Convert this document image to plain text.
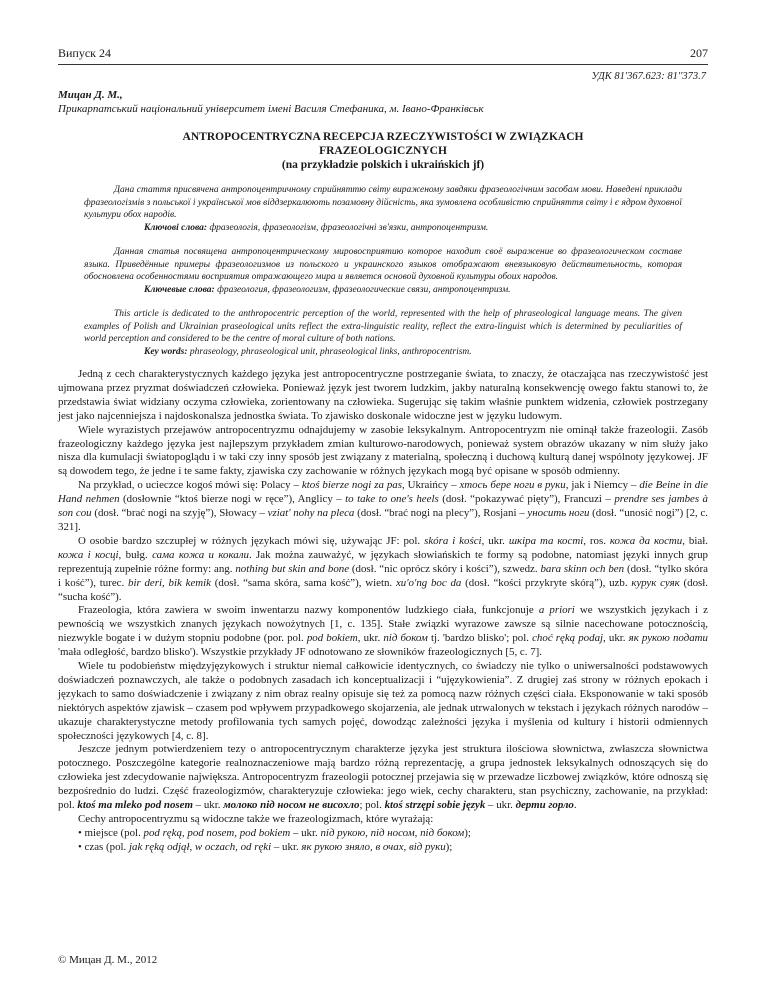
Випуск 24	207
УДК 81'367.623: 81''373.7
Мицан Д. М.,
Прикарпатський національний університет імені Василя Стефаника, м. Івано-Франківськ
ANTROPOCENTRYCZNA RECEPCJA RZECZYWISTOŚCI W ZWIĄZKACH
FRAZEOLOGICZNYCH
(na przykładzie polskich i ukraińskich jf)

Дана стаття присвячена антропоцентричному сприйняттю світу вираженому завдяки фразеологічним засобам мови. Наведені приклади фразеологізмів з польської і української мов віддзеркалюють позамовну дійсність, яка зумовлена особливістю сприйняття світу і є ядром духовної культури обох народів.

Ключові слова: фразеологія, фразеологізм, фразеологічні зв'язки, антропоцентризм.

Данная статья посвящена антропоцентрическому мировосприятию которое находит своё выражение во фразеологическом составе языка. Приведённые примеры фразеологизмов из польского и украинского языков отображают внеязыковую действительность, которая обосновлена особенностями восприятия отражающего мира и является основой духовной культуры обоих народов.

Ключевые слова: фразеология, фразеологизм, фразеологические связи, антропоцентризм.

This article is dedicated to the anthropocentric perception of the world, represented with the help of phraseological language means. The given examples of Polish and Ukrainian praseological units reflect the extra-linguistic reality, reflect the extra-linguist which is determined by peculiarities of world perception and considered to be the centre of moral culture of both nations.

Key words: phraseology, phraseological unit, phraseological links, anthropocentrism.

Jedną z cech charakterystycznych każdego języka jest antropocentryczne postrzeganie świata, to znaczy, że otaczająca nas rzeczywistość jest ujmowana przez pryzmat doświadczeń człowieka. Ponieważ język jest tworem ludzkim, jakby naturalną konsekwencję owego faktu stanowi to, że przedstawia świat widziany oczyma człowieka, zorientowany na człowieka. Sugerując się takim właśnie punktem widzenia, człowiek postrzegany jest jako najcenniejsza i najdoskonalsza jednostka świata. To zjawisko doskonale widoczne jest w języku ludowym.

Wiele wyrazistych przejawów antropocentryzmu odnajdujemy w zasobie leksykalnym. Antropocentryzm nie ominął także frazeologii. Zasób frazeologiczny każdego języka jest najlepszym przykładem zmian kulturowo-narodowych, ponieważ system obrazów ukazany w nim służy jako nisza dla kumulacji światopoglądu i w taki czy inny sposób jest związany z materialną, społeczną i duchową kulturą danej wspólnoty językowej. JF są dowodem tego, że jedne i te same fakty, zjawiska czy zachowanie w różnych językach mogą być opisane w sposób odmienny.

Na przykład, o ucieczce kogoś mówi się: Polacy – ktoś bierze nogi za pas, Ukraińcy – хтось бере ноги в руки, jak i Niemcy – die Beine in die Hand nehmen (dosłownie “ktoś bierze nogi w ręce”), Anglicy – to take to one's heels (dosł. “pokazywać pięty”), Francuzi – prendre ses jambes à son cou (dosł. “brać nogi na szyję”), Słowacy – vziat' nohy na plecа (dosł. “brać nogi na plecy”), Rosjani – уносить ноги (dosł. “unosić nogi”) [2, c. 321].

O osobie bardzo szczupłej w różnych językach mówi się, używając JF: pol. skóra i kości, ukr. шкіра та кості, ros. кожа да кости, biał. кожа і косці, bułg. сама кожа и кокали. Jak można zauważyć, w językach słowiańskich te formy są podobne, natomiast języki innych grup reprezentują zupełnie różne formy: ang. nothing but skin and bone (dosł. “nic oprócz skóry i kości”), szwedz. bara skinn och ben (dosł. “tylko skóra i kość”), turec. bir deri, bik kemik (dosł. “sama skóra, sama kość”), wietn. xu'o'ng boc da (dosł. “kości przykryte skórą”), uzb. курук суяк (dosł. “sucha kość”).

Frazeologia, która zawiera w swoim inwentarzu nazwy komponentów ludzkiego ciała, funkcjonuje a priori we wszystkich językach i z pewnością we wszystkich znanych językach nowożytnych [1, c. 135]. Stałe związki wyrazowe zawsze są silnie nacechowane potocznością, niezwykle bogate i w dużym stopniu podobne (por. pol. pod bokiem, ukr. під боком tj. 'bardzo blisko'; pol. choć ręką podaj, ukr. як рукою подати 'mała odległość, bardzo blisko'). Wszystkie przykłady JF odnotowano ze słowników frazeologicznych [5, c. 7].

Wiele tu podobieństw międzyjęzykowych i struktur niemal całkowicie identycznych, co świadczy nie tylko o uniwersalności podstawowych doświadczeń poznawczych, ale także o podobnych zasadach ich konceptualizacji i “ujęzykowienia”. Z drugiej zaś strony w różnych epokach i językach to samo doświadczenie i związany z nim obraz realny opisuje się też za pomocą nazw różnych części ciała. Eksponowanie w taki sposób niektórych aspektów zjawisk – czasem pod wpływem przypadkowego skojarzenia, ale jednak utrwalonych w tekstach i językach różnych narodów – ukazuje charakterystyczne metody profilowania tych samych pojęć, dowodząc zależności języka i myślenia od kultury i historii odmiennych społeczności językowych [4, c. 8].

Jeszcze jednym potwierdzeniem tezy o antropocentrycznym charakterze języka jest struktura ilościowa słownictwa, zwłaszcza słownictwa potocznego. Poszczególne kategorie realnoznaczeniowe mają bardzo różną reprezentację, a grupa jednostek leksykalnych odnoszących się do człowieka jest zdecydowanie największa. Antropocentryzm frazeologii potocznej przejawia się w przewadze liczbowej związków, które odnoszą się bezpośrednio do ludzi. Część frazeologizmów, charakteryzuje człowieka: jego wiek, cechy charakteru, stan psychiczny, zachowanie, na przykład: pol. ktoś ma mleko pod nosem – ukr. молоко під носом не висохло; pol. ktoś strzępi sobie język – ukr. дерти горло.

Cechy antropocentryzmu są widoczne także we frazeologizmach, które wyrażają:

• miejsce (pol. pod ręką, pod nosem, pod bokiem – ukr. під рукою, під носом, під боком);

• czas (pol. jak ręką odjął, w oczach, od ręki – ukr. як рукою зняло, в очах, від руки);

© Мицан Д. М., 2012
